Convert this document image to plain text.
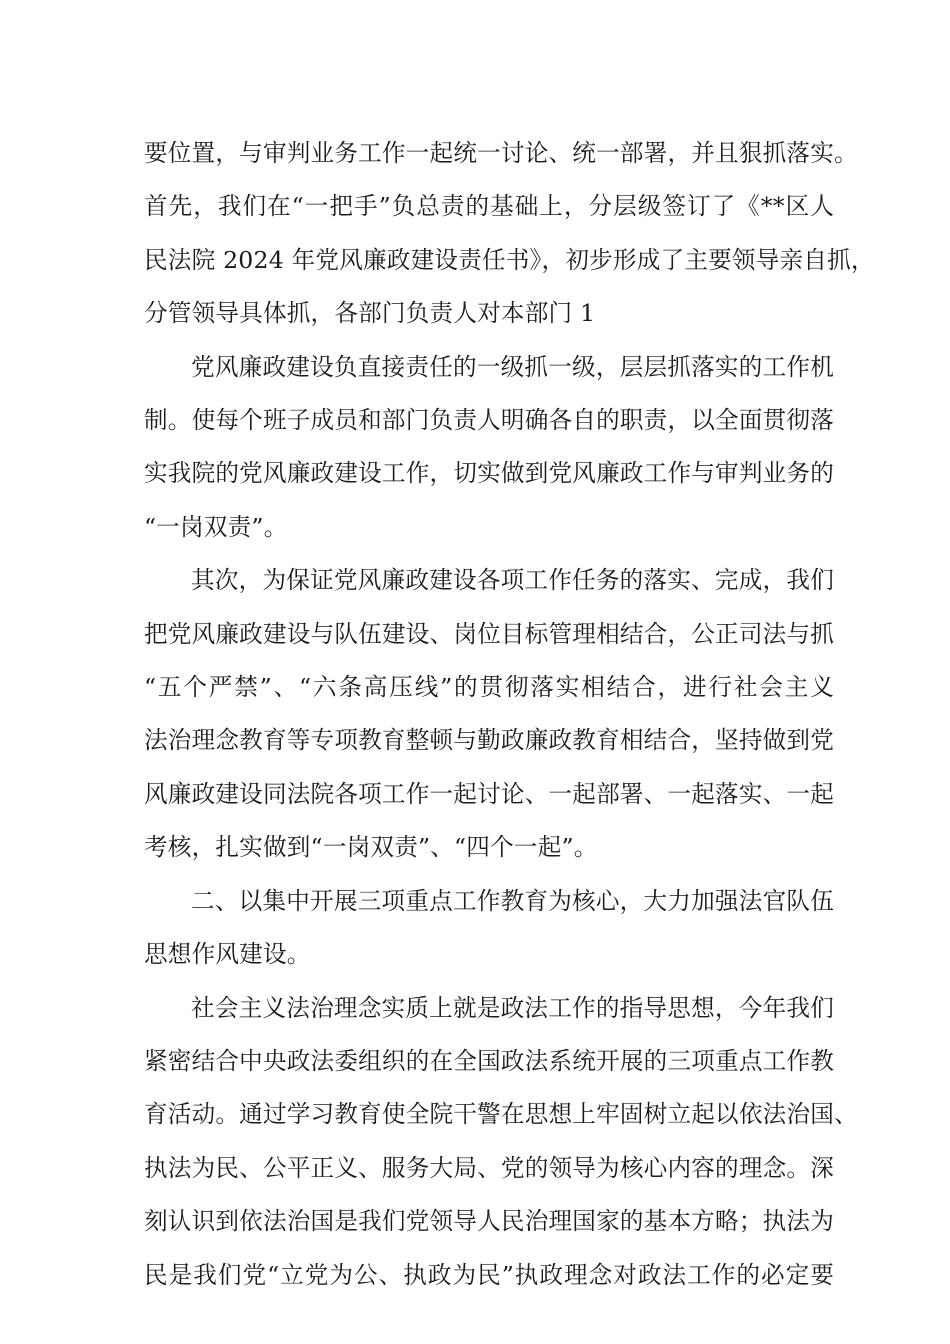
要位置，与审判业务工作一起统一讨论、统一部署，并且狠抓落实。
首先，我们在“一把手”负总责的基础上，分层级签订了《**区人
民法院 2024 年党风廉政建设责任书》，初步形成了主要领导亲自抓，
分管领导具体抓，各部门负责人对本部门 1

党风廉政建设负直接责任的一级抓一级，层层抓落实的工作机
制。使每个班子成员和部门负责人明确各自的职责，以全面贯彻落
实我院的党风廉政建设工作，切实做到党风廉政工作与审判业务的
“一岗双责”。

其次，为保证党风廉政建设各项工作任务的落实、完成，我们
把党风廉政建设与队伍建设、岗位目标管理相结合，公正司法与抓
“五个严禁”、“六条高压线”的贯彻落实相结合，进行社会主义
法治理念教育等专项教育整顿与勤政廉政教育相结合，坚持做到党
风廉政建设同法院各项工作一起讨论、一起部署、一起落实、一起
考核，扎实做到“一岗双责”、“四个一起”。

二、以集中开展三项重点工作教育为核心，大力加强法官队伍
思想作风建设。

社会主义法治理念实质上就是政法工作的指导思想，今年我们
紧密结合中央政法委组织的在全国政法系统开展的三项重点工作教
育活动。通过学习教育使全院干警在思想上牢固树立起以依法治国、
执法为民、公平正义、服务大局、党的领导为核心内容的理念。深
刻认识到依法治国是我们党领导人民治理国家的基本方略；执法为
民是我们党“立党为公、执政为民”执政理念对政法工作的必定要
